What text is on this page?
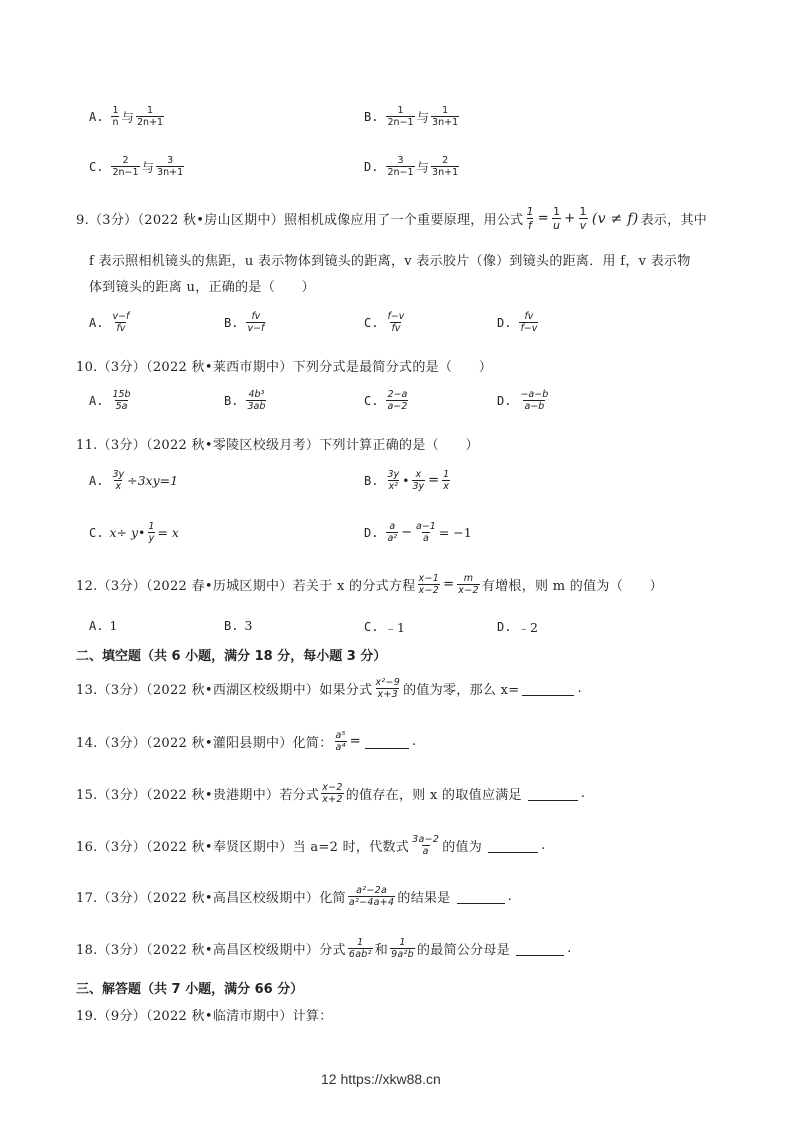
A. $\frac{1}{n}$ 与 $\frac{1}{2n+1}$	B. $\frac{1}{2n-1}$ 与 $\frac{1}{3n+1}$
C. $\frac{2}{2n-1}$ 与 $\frac{3}{3n+1}$	D. $\frac{3}{2n-1}$ 与 $\frac{2}{3n+1}$
9.（3分）（2022 秋•房山区期中）照相机成像应用了一个重要原理，用公式 $\frac{1}{f} = \frac{1}{u} + \frac{1}{v} (v \ne f)$ 表示，其中
f 表示照相机镜头的焦距，u 表示物体到镜头的距离，v 表示胶片（像）到镜头的距离．用 f，v 表示物
体到镜头的距离 u，正确的是（　　）
A. $\frac{v-f}{fv}$	B. $\frac{fv}{v-f}$	C. $\frac{f-v}{fv}$	D. $\frac{fv}{f-v}$
10.（3分）（2022 秋•莱西市期中）下列分式是最简分式的是（　　）
A. $\frac{15b}{5a}$	B. $\frac{\text{4b³}}{3ab}$	C. $\frac{2-a}{a-2}$	D. $\frac{-a-b}{a-b}$
11.（3分）（2022 秋•零陵区校级月考）下列计算正确的是（　　）
A. $\frac{3y}{x} \div 3xy=1$	B. $\frac{3y}{\text{x²}}$ • $\frac{x}{3y} = \frac{1}{x}$
C. x÷ y• $\frac{1}{y} = x$	D. $\frac{a}{\text{a²}} - \frac{a-1}{a} = -1$
12.（3分）（2022 春•历城区期中）若关于 x 的分式方程 $\frac{x-1}{x-2} = \frac{m}{x-2}$ 有增根，则 m 的值为（　　）
A. 1	B. 3	C. ﹣1	D. ﹣2
二、填空题（共 6 小题，满分 18 分，每小题 3 分）
13.（3分）（2022 秋•西湖区校级期中）如果分式 $\frac{\text{x²−9}}{x+3}$ 的值为零，那么 x=	.
14.（3分）（2022 秋•灌阳县期中）化简： $\frac{\text{a⁵}}{\text{a⁴}}$ =	.
15.（3分）（2022 秋•贵港期中）若分式 $\frac{x-2}{x+2}$ 的值存在，则 x 的取值应满足	.
16.（3分）（2022 秋•奉贤区期中）当 a=2 时，代数式 $\frac{3a-2}{a}$ 的值为	.
17.（3分）（2022 秋•高昌区校级期中）化简 $\frac{\text{a²−2a}}{\text{a²−4a+4}}$ 的结果是	.
18.（3分）（2022 秋•高昌区校级期中）分式 $\frac{1}{\text{6ab²}}$ 和 $\frac{1}{\text{9a²b}}$ 的最简公分母是	.
三、解答题（共 7 小题，满分 66 分）
19.（9分）（2022 秋•临清市期中）计算：
12 https://xkw88.cn
